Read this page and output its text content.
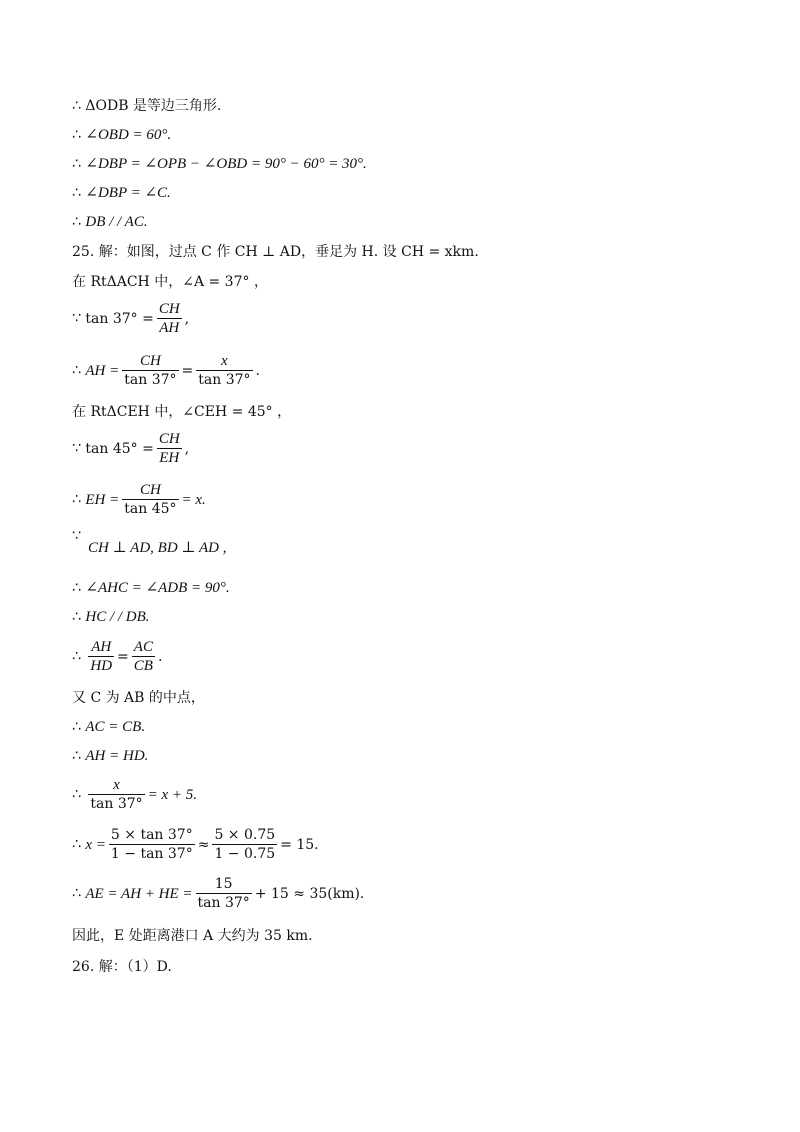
∴ ΔODB 是等边三角形.
∴ ∠OBD = 60°.
∴ ∠DBP = ∠OPB − ∠OBD = 90° − 60° = 30°.
∴ ∠DBP = ∠C.
∴ DB / / AC.
25. 解：如图，过点 C 作 CH ⊥ AD，垂足为 H. 设 CH = xkm.
在 RtΔACH 中，∠A = 37° ，
∵ $\tan 37^\circ = \frac{CH}{AH}$ ,
∴ AH = $\frac{CH}{\tan 37^\circ} = \frac{x}{\tan 37^\circ}$ .
在 RtΔCEH 中，∠CEH = 45° ，
∵ $\tan 45^\circ = \frac{CH}{EH}$ ,
∴ EH = $\frac{CH}{\tan 45^\circ} = x$.
∵
CH ⊥ AD, BD ⊥ AD ,
∴ ∠AHC = ∠ADB = 90°.
∴ HC / / DB.
∴ $\frac{AH}{HD} = \frac{AC}{CB}$ .
又 C 为 AB 的中点，
∴ AC = CB.
∴ AH = HD.
∴ $\frac{x}{\tan 37^\circ} = x + 5$.
∴ $x = \frac{5 \times \tan 37^\circ}{1 - \tan 37^\circ} \approx \frac{5 \times 0.75}{1 - 0.75} = 15$.
∴ AE = AH + HE = $\frac{15}{\tan 37^\circ} + 15 \approx 35(km)$.
因此，E 处距离港口 A 大约为 35 km.
26. 解：（1）D.
